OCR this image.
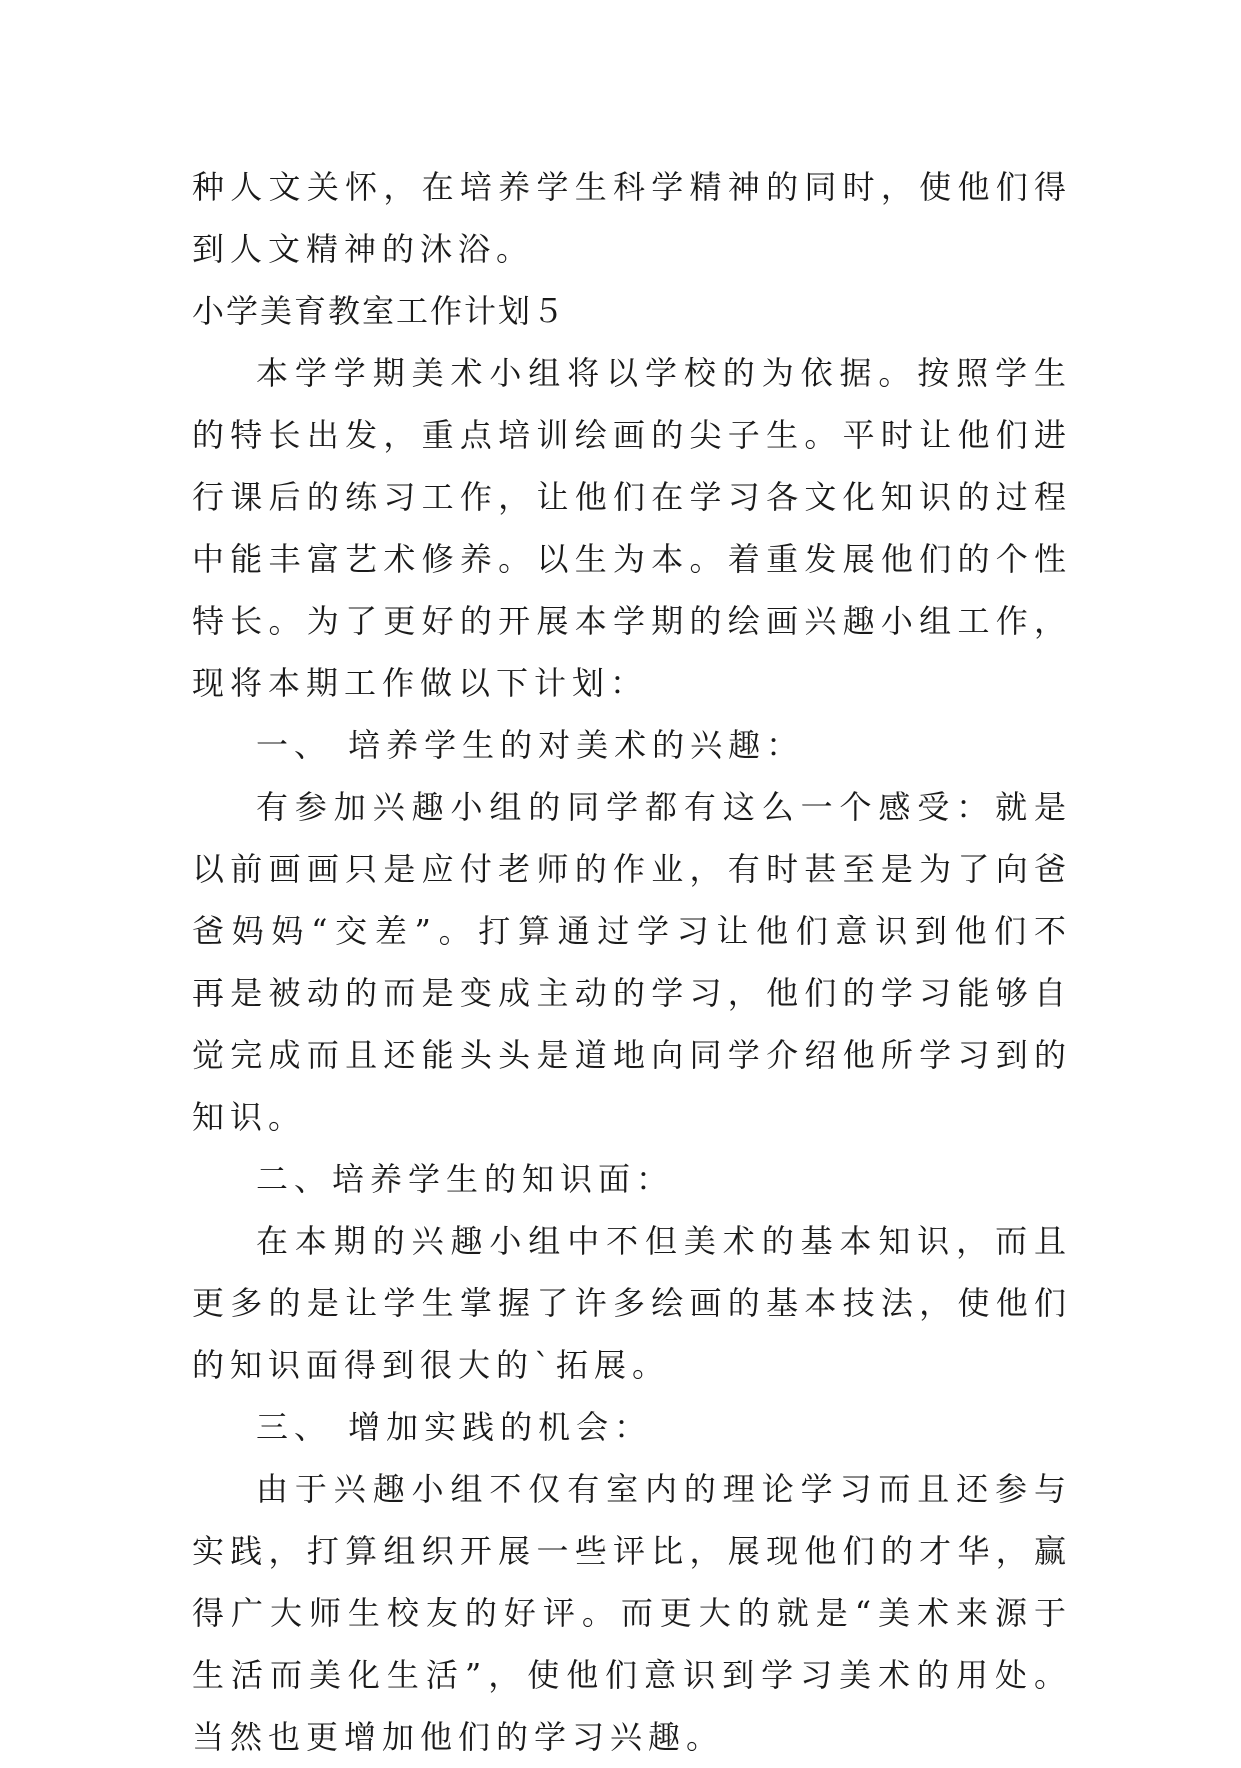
种人文关怀，在培养学生科学精神的同时，使他们得到人文精神的沐浴。

小学美育教室工作计划５

本学学期美术小组将以学校的为依据。按照学生的特长出发，重点培训绘画的尖子生。平时让他们进行课后的练习工作，让他们在学习各文化知识的过程中能丰富艺术修养。以生为本。着重发展他们的个性特长。为了更好的开展本学期的绘画兴趣小组工作，现将本期工作做以下计划：

一、 培养学生的对美术的兴趣：

有参加兴趣小组的同学都有这么一个感受：就是以前画画只是应付老师的作业，有时甚至是为了向爸爸妈妈“交差”。打算通过学习让他们意识到他们不再是被动的而是变成主动的学习，他们的学习能够自觉完成而且还能头头是道地向同学介绍他所学习到的知识。

二、培养学生的知识面：

在本期的兴趣小组中不但美术的基本知识，而且更多的是让学生掌握了许多绘画的基本技法，使他们的知识面得到很大的`拓展。

三、 增加实践的机会：

由于兴趣小组不仅有室内的理论学习而且还参与实践，打算组织开展一些评比，展现他们的才华，赢得广大师生校友的好评。而更大的就是“美术来源于生活而美化生活”，使他们意识到学习美术的用处。当然也更增加他们的学习兴趣。
